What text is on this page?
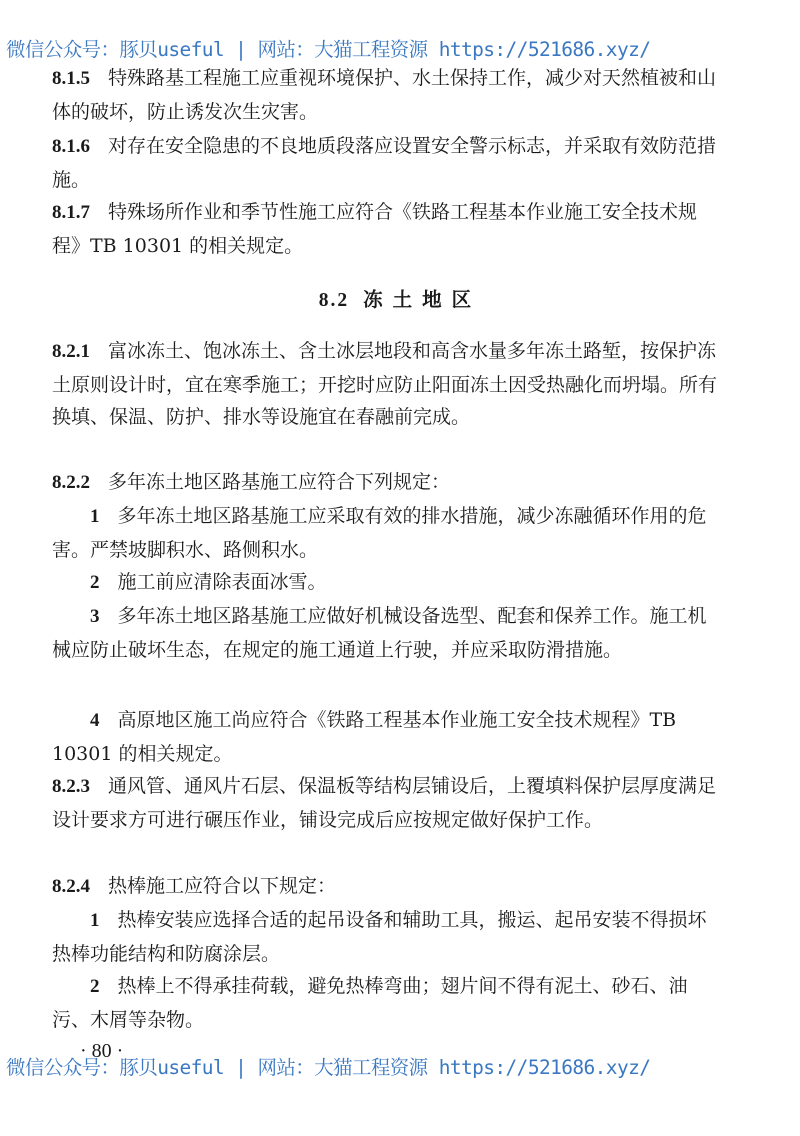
微信公众号：豚贝useful | 网站：大猫工程资源 https://521686.xyz/
8.1.5 特殊路基工程施工应重视环境保护、水土保持工作，减少对天然植被和山体的破坏，防止诱发次生灾害。
8.1.6 对存在安全隐患的不良地质段落应设置安全警示标志，并采取有效防范措施。
8.1.7 特殊场所作业和季节性施工应符合《铁路工程基本作业施工安全技术规程》TB 10301 的相关规定。
8.2 冻土地区
8.2.1 富冰冻土、饱冰冻土、含土冰层地段和高含水量多年冻土路堑，按保护冻土原则设计时，宜在寒季施工；开挖时应防止阳面冻土因受热融化而坍塌。所有换填、保温、防护、排水等设施宜在春融前完成。
8.2.2 多年冻土地区路基施工应符合下列规定：
1 多年冻土地区路基施工应采取有效的排水措施，减少冻融循环作用的危害。严禁坡脚积水、路侧积水。
2 施工前应清除表面冰雪。
3 多年冻土地区路基施工应做好机械设备选型、配套和保养工作。施工机械应防止破坏生态，在规定的施工通道上行驶，并应采取防滑措施。
4 高原地区施工尚应符合《铁路工程基本作业施工安全技术规程》TB 10301 的相关规定。
8.2.3 通风管、通风片石层、保温板等结构层铺设后，上覆填料保护层厚度满足设计要求方可进行碾压作业，铺设完成后应按规定做好保护工作。
8.2.4 热棒施工应符合以下规定：
1 热棒安装应选择合适的起吊设备和辅助工具，搬运、起吊安装不得损坏热棒功能结构和防腐涂层。
2 热棒上不得承挂荷载，避免热棒弯曲；翅片间不得有泥土、砂石、油污、木屑等杂物。
· 80 ·
微信公众号：豚贝useful | 网站：大猫工程资源 https://521686.xyz/
